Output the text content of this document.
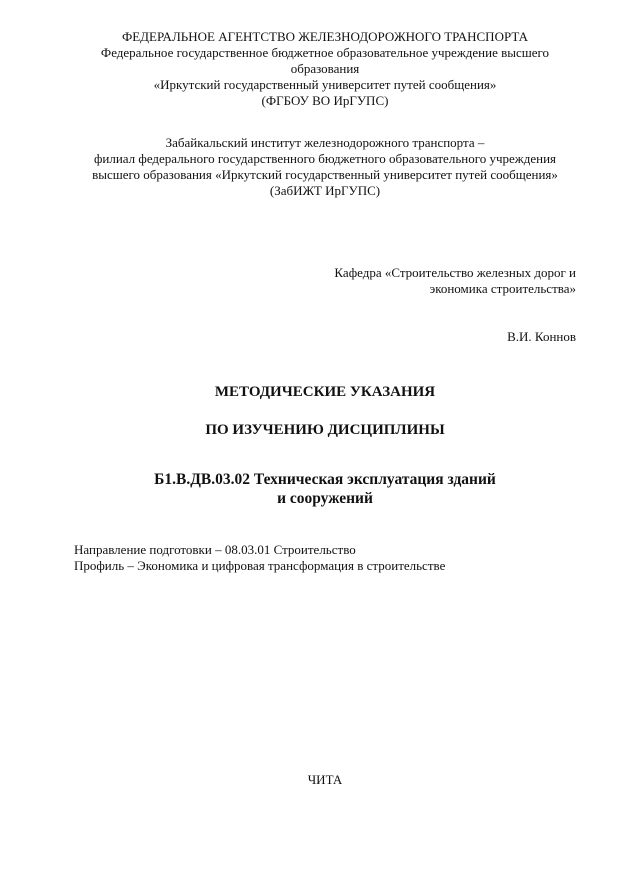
ФЕДЕРАЛЬНОЕ АГЕНТСТВО ЖЕЛЕЗНОДОРОЖНОГО ТРАНСПОРТА
Федеральное государственное бюджетное образовательное учреждение высшего
образования
«Иркутский государственный университет путей сообщения»
(ФГБОУ ВО ИрГУПС)
Забайкальский институт железнодорожного транспорта –
филиал федерального государственного бюджетного образовательного учреждения
высшего образования «Иркутский государственный университет путей сообщения»
(ЗабИЖТ ИрГУПС)
Кафедра «Строительство железных дорог и
экономика строительства»
В.И. Коннов
МЕТОДИЧЕСКИЕ УКАЗАНИЯ
ПО ИЗУЧЕНИЮ ДИСЦИПЛИНЫ
Б1.В.ДВ.03.02 Техническая эксплуатация зданий
и сооружений
Направление подготовки – 08.03.01 Строительство
Профиль – Экономика и цифровая трансформация в строительстве
ЧИТА
